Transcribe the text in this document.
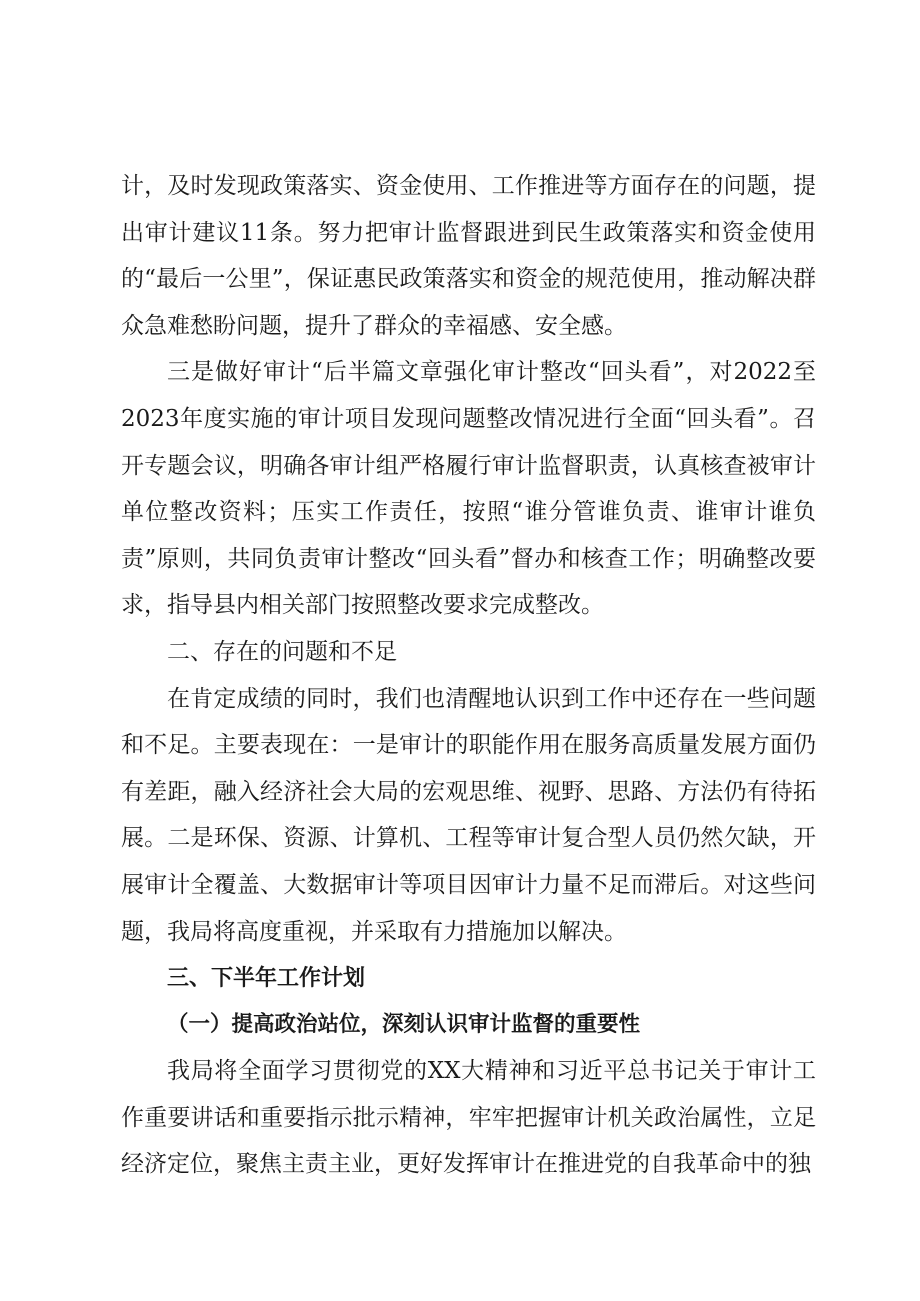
计，及时发现政策落实、资金使用、工作推进等方面存在的问题，提出审计建议11条。努力把审计监督跟进到民生政策落实和资金使用的“最后一公里”，保证惠民政策落实和资金的规范使用，推动解决群众急难愁盼问题，提升了群众的幸福感、安全感。

三是做好审计“后半篇文章强化审计整改“回头看”，对2022至2023年度实施的审计项目发现问题整改情况进行全面“回头看”。召开专题会议，明确各审计组严格履行审计监督职责，认真核查被审计单位整改资料；压实工作责任，按照“谁分管谁负责、谁审计谁负责”原则，共同负责审计整改“回头看”督办和核查工作；明确整改要求，指导县内相关部门按照整改要求完成整改。

二、存在的问题和不足

在肯定成绩的同时，我们也清醒地认识到工作中还存在一些问题和不足。主要表现在：一是审计的职能作用在服务高质量发展方面仍有差距，融入经济社会大局的宏观思维、视野、思路、方法仍有待拓展。二是环保、资源、计算机、工程等审计复合型人员仍然欠缺，开展审计全覆盖、大数据审计等项目因审计力量不足而滞后。对这些问题，我局将高度重视，并采取有力措施加以解决。

三、下半年工作计划

（一）提高政治站位，深刻认识审计监督的重要性

我局将全面学习贯彻党的XX大精神和习近平总书记关于审计工作重要讲话和重要指示批示精神，牢牢把握审计机关政治属性，立足经济定位，聚焦主责主业，更好发挥审计在推进党的自我革命中的独
